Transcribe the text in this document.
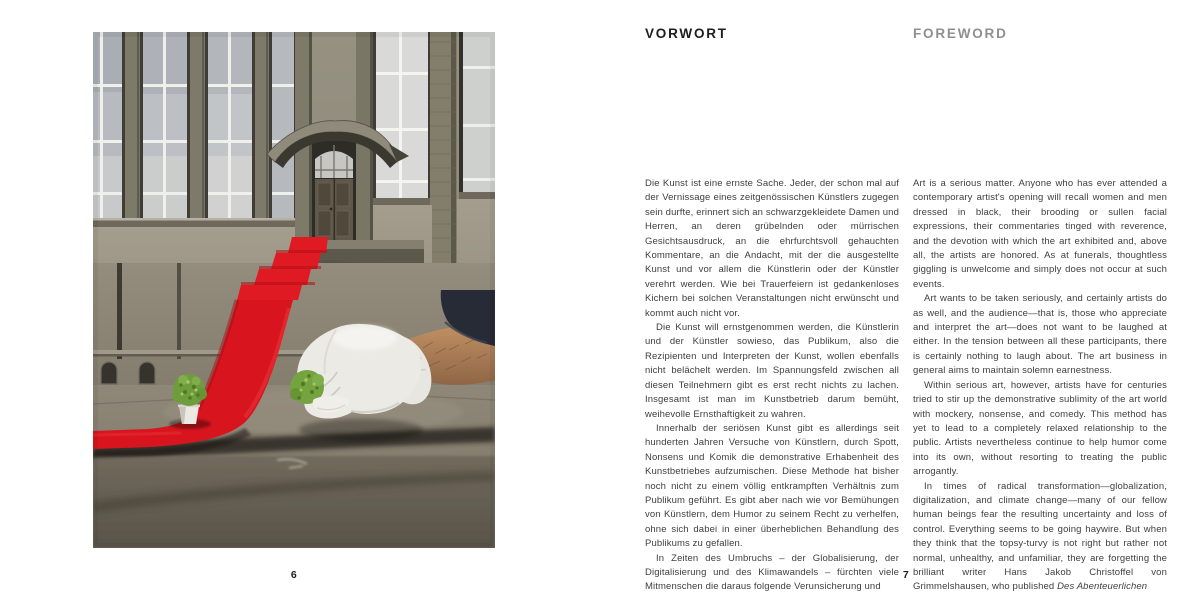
6
VORWORT

Die Kunst ist eine ernste Sache. Jeder, der schon mal auf der Vernissage eines zeitgenössischen Künstlers zugegen sein durfte, erinnert sich an schwarzgekleidete Damen und Herren, an deren grübelnden oder mürrischen Gesichtsausdruck, an die ehrfurchtsvoll gehauchten Kommentare, an die Andacht, mit der die ausgestellte Kunst und vor allem die Künstlerin oder der Künstler verehrt werden. Wie bei Trauerfeiern ist gedankenloses Kichern bei solchen Veranstaltungen nicht erwünscht und kommt auch nicht vor.

Die Kunst will ernstgenommen werden, die Künstlerin und der Künstler sowieso, das Publikum, also die Rezipienten und Interpreten der Kunst, wollen ebenfalls nicht belächelt werden. Im Spannungsfeld zwischen all diesen Teilnehmern gibt es erst recht nichts zu lachen. Insgesamt ist man im Kunstbetrieb darum bemüht, weihevolle Ernsthaftigkeit zu wahren.

Innerhalb der seriösen Kunst gibt es allerdings seit hunderten Jahren Versuche von Künstlern, durch Spott, Nonsens und Komik die demonstrative Erhabenheit des Kunstbetriebes aufzumischen. Diese Methode hat bisher noch nicht zu einem völlig entkrampften Verhältnis zum Publikum geführt. Es gibt aber nach wie vor Bemühungen von Künstlern, dem Humor zu seinem Recht zu verhelfen, ohne sich dabei in einer überheblichen Behandlung des Publikums zu gefallen.

In Zeiten des Umbruchs – der Globalisierung, der Digitalisierung und des Klimawandels – fürchten viele Mitmenschen die daraus folgende Verunsicherung und

FOREWORD

Art is a serious matter. Anyone who has ever attended a contemporary artist's opening will recall women and men dressed in black, their brooding or sullen facial expressions, their commentaries tinged with reverence, and the devotion with which the art exhibited and, above all, the artists are honored. As at funerals, thoughtless giggling is unwelcome and simply does not occur at such events.

Art wants to be taken seriously, and certainly artists do as well, and the audience—that is, those who appreciate and interpret the art—does not want to be laughed at either. In the tension between all these participants, there is certainly nothing to laugh about. The art business in general aims to maintain solemn earnestness.

Within serious art, however, artists have for centuries tried to stir up the demonstrative sublimity of the art world with mockery, nonsense, and comedy. This method has yet to lead to a completely relaxed relationship to the public. Artists nevertheless continue to help humor come into its own, without resorting to treating the public arrogantly.

In times of radical transformation—globalization, digitalization, and climate change—many of our fellow human beings fear the resulting uncertainty and loss of control. Everything seems to be going haywire. But when they think that the topsy-turvy is not right but rather not normal, unhealthy, and unfamiliar, they are forgetting the brilliant writer Hans Jakob Christoffel von Grimmelshausen, who published Des Abenteuerlichen

7
